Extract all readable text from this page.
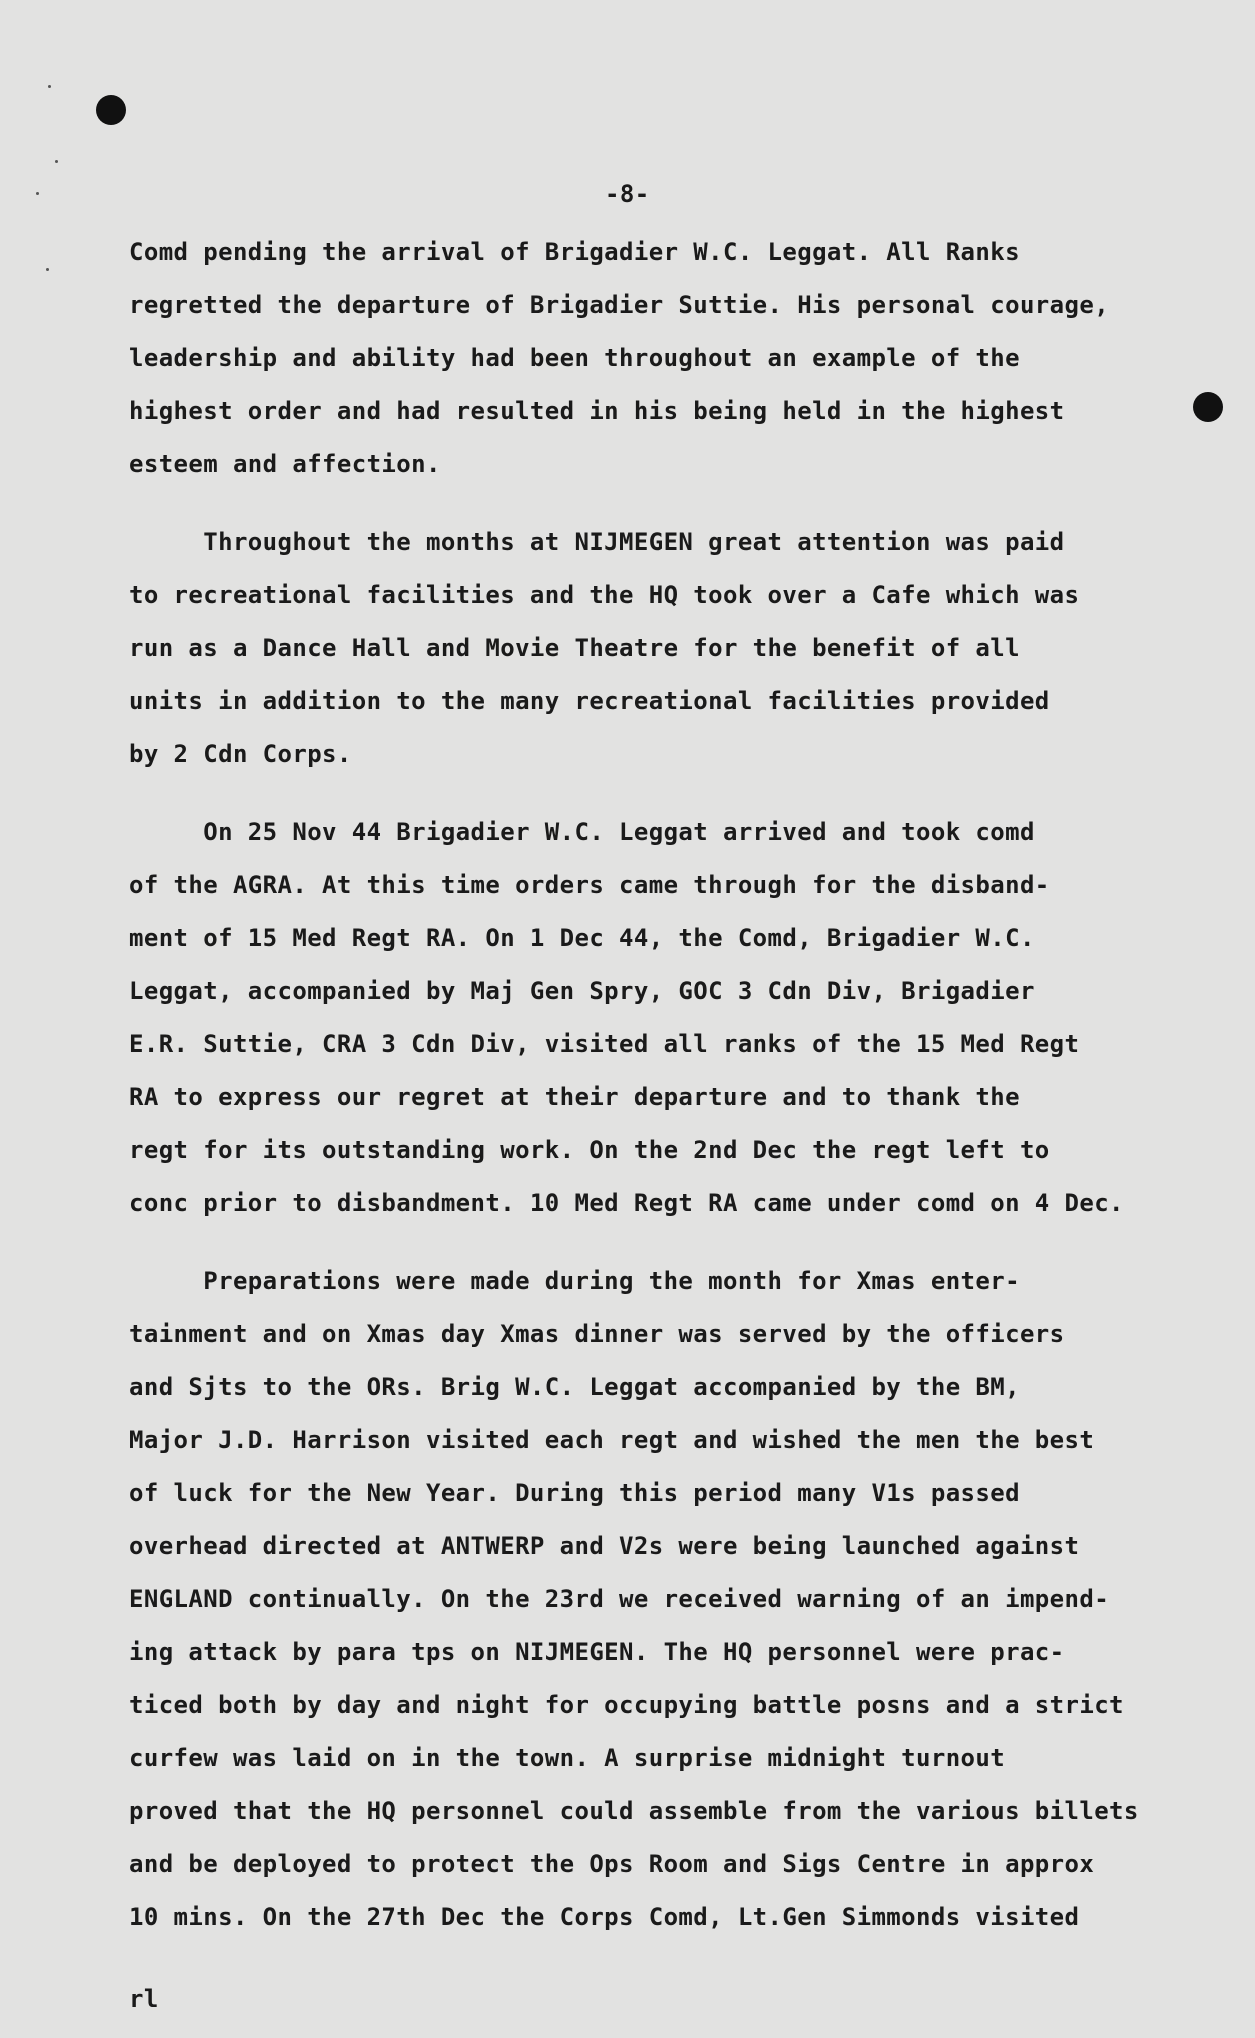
-8-
Comd pending the arrival of Brigadier W.C. Leggat. All Ranks
regretted the departure of Brigadier Suttie. His personal courage,
leadership and ability had been throughout an example of the
highest order and had resulted in his being held in the highest
esteem and affection.
Throughout the months at NIJMEGEN great attention was paid
to recreational facilities and the HQ took over a Cafe which was
run as a Dance Hall and Movie Theatre for the benefit of all
units in addition to the many recreational facilities provided
by 2 Cdn Corps.
On 25 Nov 44 Brigadier W.C. Leggat arrived and took comd
of the AGRA. At this time orders came through for the disband-
ment of 15 Med Regt RA. On 1 Dec 44, the Comd, Brigadier W.C.
Leggat, accompanied by Maj Gen Spry, GOC 3 Cdn Div, Brigadier
E.R. Suttie, CRA 3 Cdn Div, visited all ranks of the 15 Med Regt
RA to express our regret at their departure and to thank the
regt for its outstanding work. On the 2nd Dec the regt left to
conc prior to disbandment. 10 Med Regt RA came under comd on 4 Dec.
Preparations were made during the month for Xmas enter-
tainment and on Xmas day Xmas dinner was served by the officers
and Sjts to the ORs. Brig W.C. Leggat accompanied by the BM,
Major J.D. Harrison visited each regt and wished the men the best
of luck for the New Year. During this period many V1s passed
overhead directed at ANTWERP and V2s were being launched against
ENGLAND continually. On the 23rd we received warning of an impend-
ing attack by para tps on NIJMEGEN. The HQ personnel were prac-
ticed both by day and night for occupying battle posns and a strict
curfew was laid on in the town. A surprise midnight turnout
proved that the HQ personnel could assemble from the various billets
and be deployed to protect the Ops Room and Sigs Centre in approx
10 mins. On the 27th Dec the Corps Comd, Lt.Gen Simmonds visited
rl
